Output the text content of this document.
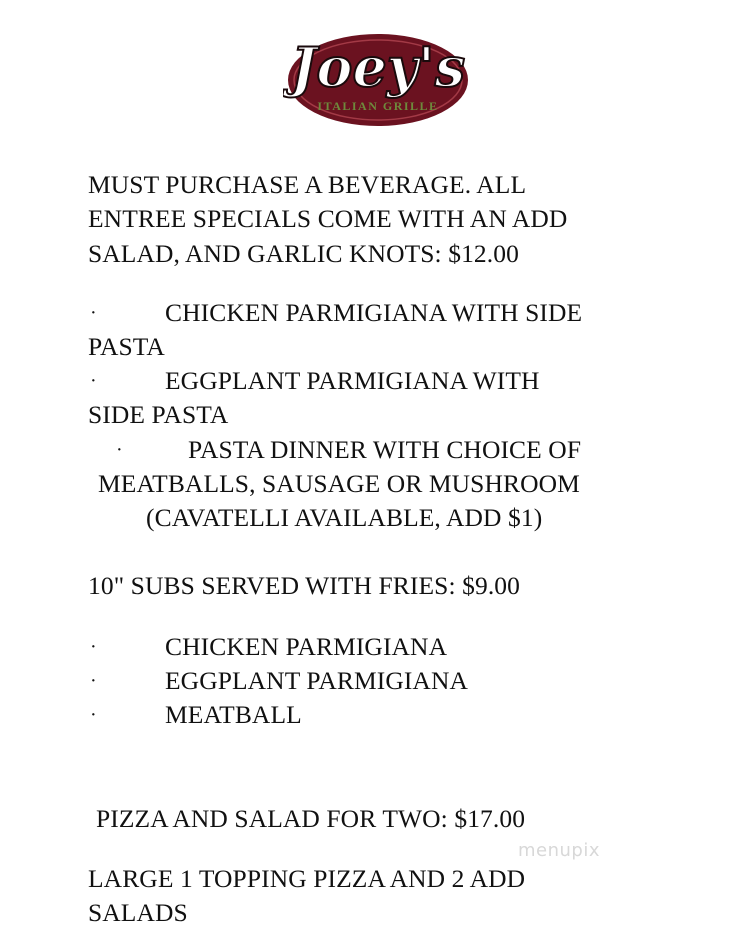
Joey's
ITALIAN GRILLE
MUST PURCHASE A BEVERAGE. ALL
ENTREE SPECIALS COME WITH AN ADD
SALAD, AND GARLIC KNOTS: $12.00
·	CHICKEN PARMIGIANA WITH SIDE
PASTA
·	EGGPLANT PARMIGIANA WITH
SIDE PASTA
·	PASTA DINNER WITH CHOICE OF
MEATBALLS, SAUSAGE OR MUSHROOM
(CAVATELLI AVAILABLE, ADD $1)
10" SUBS SERVED WITH FRIES: $9.00
·	CHICKEN PARMIGIANA
·	EGGPLANT PARMIGIANA
·	MEATBALL
PIZZA AND SALAD FOR TWO: $17.00
LARGE 1 TOPPING PIZZA AND 2 ADD
SALADS
menupix
